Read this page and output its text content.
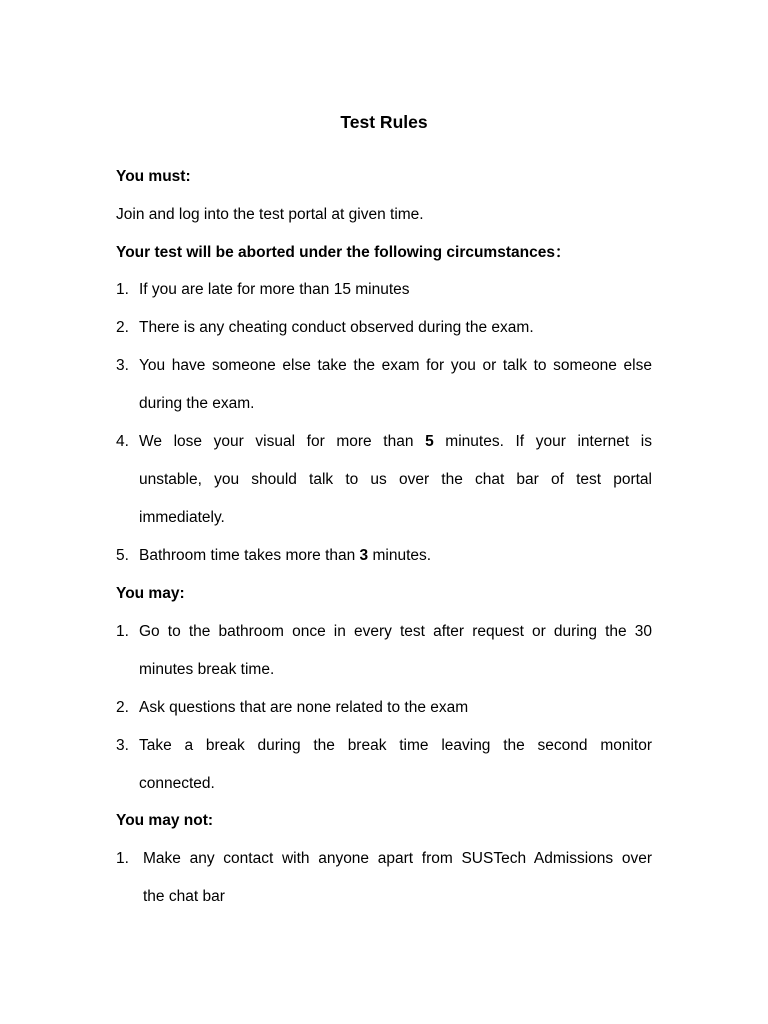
Test Rules
You must:
Join and log into the test portal at given time.
Your test will be aborted under the following circumstances：
1. If you are late for more than 15 minutes
2. There is any cheating conduct observed during the exam.
3. You have someone else take the exam for you or talk to someone else
during the exam.
4. We lose your visual for more than 5 minutes. If your internet is
unstable, you should talk to us over the chat bar of test portal
immediately.
5. Bathroom time takes more than 3 minutes.
You may:
1. Go to the bathroom once in every test after request or during the 30
minutes break time.
2. Ask questions that are none related to the exam
3. Take a break during the break time leaving the second monitor
connected.
You may not:
1. Make any contact with anyone apart from SUSTech Admissions over
the chat bar
